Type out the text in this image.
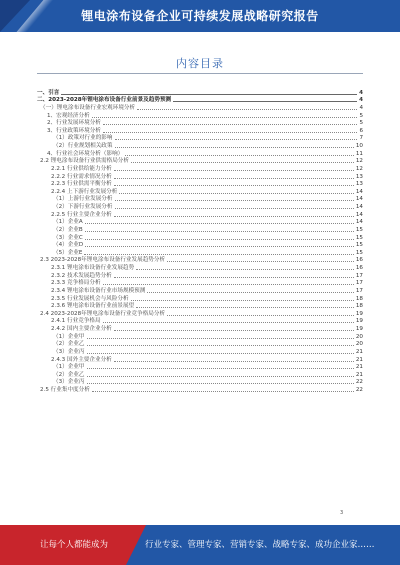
锂电涂布设备企业可持续发展战略研究报告
内容目录
一、引言	4
二、2023-2028年锂电涂布设备行业前景及趋势预测	4
（一）锂电涂布设备行业宏观环境分析	4
1、宏观经济分析	5
2、行业发展环境分析	5
3、行业政策环境分析	6
（1）政策对行业的影响	7
（2）行业规划相关政策	10
4、行业社会环境分析（影响）	11
2.2 锂电涂布设备行业供需格局分析	12
2.2.1 行业供给能力分析	12
2.2.2 行业需求情况分析	13
2.2.3 行业供需平衡分析	13
2.2.4 上下游行业发展分析	14
（1）上游行业发展分析	14
（2）下游行业发展分析	14
2.2.5 行业主要企业分析	14
（1）企业A	14
（2）企业B	15
（3）企业C	15
（4）企业D	15
（5）企业E	15
2.3 2023-2028年锂电涂布设备行业发展趋势分析	16
2.3.1 锂电涂布设备行业发展趋势	16
2.3.2 技术发展趋势分析	17
2.3.3 竞争格局分析	17
2.3.4 锂电涂布设备行业市场规模预测	17
2.3.5 行业发展机会与风险分析	18
2.3.6 锂电涂布设备行业前景展望	18
2.4 2023-2028年锂电涂布设备行业竞争格局分析	19
2.4.1 行业竞争格局	19
2.4.2 国内主要企业分析	19
（1）企业甲	20
（2）企业乙	20
（3）企业丙	21
2.4.3 国外主要企业分析	21
（1）企业甲	21
（2）企业乙	21
（3）企业丙	22
2.5 行业集中度分析	22
3
让每个人都能成为	行业专家、管理专家、营销专家、战略专家、成功企业家……
